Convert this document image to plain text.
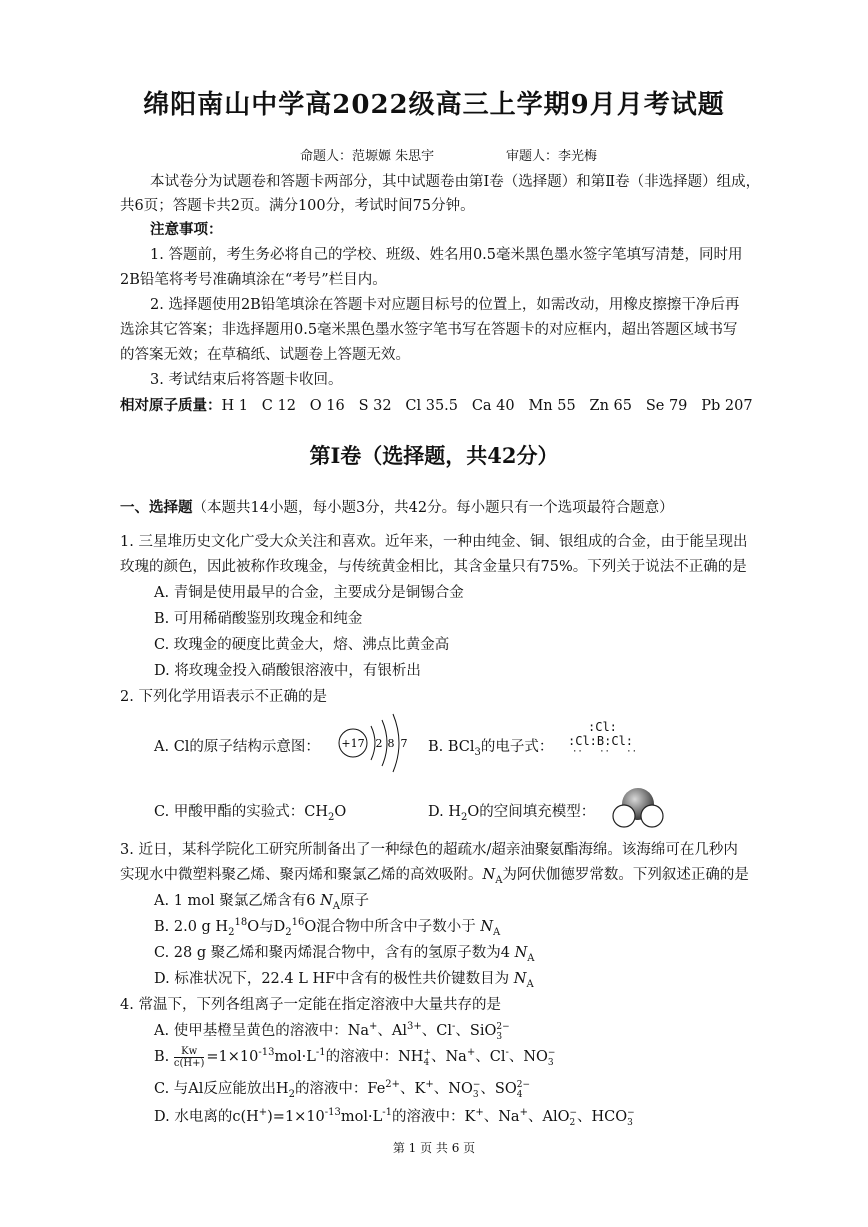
绵阳南山中学高2022级高三上学期9月月考试题
命题人：范塬嫄 朱思宇	审题人：李光梅
本试卷分为试题卷和答题卡两部分，其中试题卷由第Ⅰ卷（选择题）和第Ⅱ卷（非选择题）组成，
共6页；答题卡共2页。满分100分，考试时间75分钟。
注意事项：
1. 答题前，考生务必将自己的学校、班级、姓名用0.5毫米黑色墨水签字笔填写清楚，同时用
2B铅笔将考号准确填涂在“考号”栏目内。
2. 选择题使用2B铅笔填涂在答题卡对应题目标号的位置上，如需改动，用橡皮擦擦干净后再
选涂其它答案；非选择题用0.5毫米黑色墨水签字笔书写在答题卡的对应框内，超出答题区域书写
的答案无效；在草稿纸、试题卷上答题无效。
3. 考试结束后将答题卡收回。
相对原子质量：H 1   C 12   O 16   S 32   Cl 35.5   Ca 40   Mn 55   Zn 65   Se 79   Pb 207
第Ⅰ卷（选择题，共42分）
一、选择题（本题共14小题，每小题3分，共42分。每小题只有一个选项最符合题意）
1. 三星堆历史文化广受大众关注和喜欢。近年来，一种由纯金、铜、银组成的合金，由于能呈现出
玫瑰的颜色，因此被称作玫瑰金，与传统黄金相比，其含金量只有75%。下列关于说法不正确的是
A. 青铜是使用最早的合金，主要成分是铜锡合金
B. 可用稀硝酸鉴别玫瑰金和纯金
C. 玫瑰金的硬度比黄金大，熔、沸点比黄金高
D. 将玫瑰金投入硝酸银溶液中，有银析出
2. 下列化学用语表示不正确的是
A. Cl的原子结构示意图： +17 2 8 7 B. BCl$_3$的电子式：
:Cl:
:Cl:B:Cl:
··   ··   ··
C. 甲酸甲酯的实验式：$CH_2O$	D. $H_2O$的空间填充模型：
3. 近日，某科学院化工研究所制备出了一种绿色的超疏水/超亲油聚氨酯海绵。该海绵可在几秒内
实现水中微塑料聚乙烯、聚丙烯和聚氯乙烯的高效吸附。$N_A$为阿伏伽德罗常数。下列叙述正确的是
A. 1 mol 聚氯乙烯含有6 $N_A$原子
B. 2.0 g $H_2^{18}O$与$D_2^{16}O$混合物中所含中子数小于 $N_A$
C. 28 g 聚乙烯和聚丙烯混合物中，含有的氢原子数为4 $N_A$
D. 标准状况下，22.4 L HF中含有的极性共价键数目为 $N_A$
4. 常温下，下列各组离子一定能在指定溶液中大量共存的是
A. 使甲基橙呈黄色的溶液中：Na+、$Al^{3+}$、Cl-、SiO 2−
3
B. $\frac{Kw}{c(H+)} =1\times 10^{-13}mol\cdot L^{-1}$的溶液中：NH +
4 、Na+、Cl-、NO −
3
C. 与Al反应能放出$H_2$的溶液中：$Fe^{2+}$、K+、NO −
3 、SO 2−
4
D. 水电离的$c(H^+)=1\times 10^{-13}mol\cdot L^{-1}$的溶液中：K+、Na+、AlO −
2 、HCO −
3
第 1 页 共 6 页
